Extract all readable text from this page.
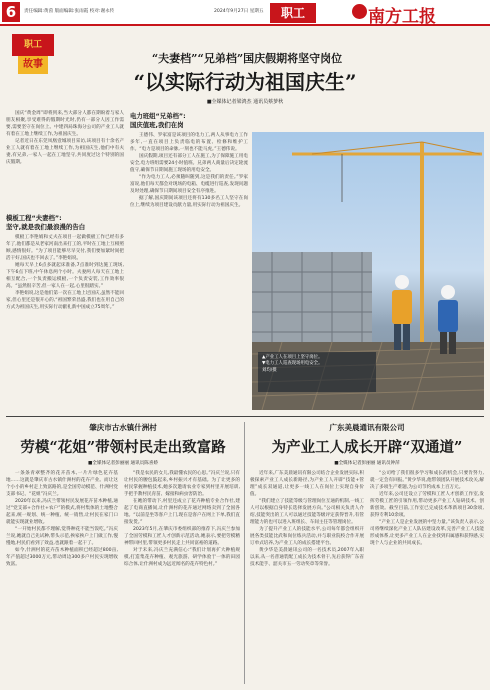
6	责任编辑:黄茵 版面编辑:张雨霞 校对:谢永传	2024年9月27日 星期五	职工	南方工报
职工
故事	“夫妻档”“兄弟档”国庆假期将坚守岗位
“以实际行动为祖国庆生”
■全媒体记者梁鸿杰 通讯员蔡萝秋

国庆“黄金周”即将到来,当大部分人都在期盼着与家人朋友相聚,享受难得的假期时光时,仍有一部分人因工作需要,需要坚守在岗位上。中建四局珠海分公司的产业工人就有着在工地上继续工作,为祖国庆生。

记者近日在东莞凤凰壹城项目采访,该项目有十余名产业工人就有着在工地上继续工作,为祖国庆生,他们中有夫妻,有兄弟,一家人一起在工地坚守,共同度过这个特别的国庆假期。

模板工程“夫妻档”:
坚守,就是我们最浪漫的告白

模板工李艳娟和丈夫在项目一起做模板工作已经有多年了,他们都是从老家河南出来打工的,平时在工地上互相照顾,感情很好。“为了项目能够尽早交付,我们要加紧时间把活干好,国庆也不回去了。”李艳娟说。

她每天早上6点多就起床准备,7点准时到达施工现场,下午6点下班,中午休息两个小时。夫妻两人每天在工地上相互配合,一个负责搬运模板,一个负责安装,工作效率很高。“虽然很辛苦,但一家人在一起,心里很踏实。”

李艳娟说,这是他们第一次在工地上过国庆,虽然不能回家,但心里还是很开心的,“祖国繁荣昌盛,我们也在用自己的方式为祖国庆生,用实际行动献礼新中国成立75周年。”

电力班组“兄弟档”:
国庆值班,我们在岗

王德伟、罗家富是该项目的电力工,两人从事电力工作多年,一直在项目上负责临电的布置、检修和维护工作。“电力是项目的命脉,一刻也不能马虎。”王德伟说。

国庆假期,项目还有部分工人在施工,为了保障施工用电安全,电力班组需要24小时值班。兄弟两人商量后决定轮流值守,确保节日期间施工现场的用电安全。

“作为电力工人,必须随叫随到,这是我们的责任。”罗家富说,他们每天都会对现场的电箱、电缆进行巡查,发现问题及时处理,确保节日期间项目安全有序推进。

据了解,国庆期间该项目还将有130多名工人坚守在岗位上,继续为项目建设贡献力量,用实际行动为祖国庆生。

▲产业工人在项目上坚守岗位。
▼电力工人巡查现场用电安全。
刘均/摄
肇庆市古水镇什洲村
劳模“花姐”带领村民走出致富路
■全媒体记者彭丽丽 通讯员陈喜娇

一条条青翠整齐的花卉苗木,一片片绿色花卉基地……这就是肇庆市古水镇什洲村的花卉产业。而让这个小小的乡村走上致富路的,是全国劳动模范、什洲村党支部书记、“花姐”冯庆兰。

2020年以来,冯庆兰带领村民发展花卉苗木种植,通过“党支部+合作社+农户”的模式,将村集体的土地整合起来,统一规划、统一种植、统一销售,让村民在家门口就能实现就业增收。

“一开始村民都不理解,觉得种花不能当饭吃。”冯庆兰说,她就自己先试种,带头示范,挨家挨户上门做工作,慢慢地,村民们看到了效益,也就跟着一起干了。

如今,什洲村的花卉苗木种植面积已经超过800亩,年产值超过3000万元,带动周边300多户村民实现增收致富。

“我是农民的女儿,我最懂农民的心思。”冯庆兰说,只有让村民的腰包鼓起来,乡村振兴才有基础。为了让更多的村民掌握种植技术,她多次邀请农业专家到村里开展培训,手把手教村民育苗、嫁接和病虫害防治。

在她的带动下,村里还成立了花卉种植专业合作社,建起了电商直播间,让什洲村的花卉通过网络卖到了全国各地。“以前是坐等客户上门,现在是客户在网上下单,我们直接发货。”

2023年5月,在肇庆市委组织部的推荐下,冯庆兰参加了全国劳模和工匠人才创新示范活动,她表示,要把劳模精神带回村里,带领更多村民走上共同富裕的道路。

对于未来,冯庆兰充满信心:“我们计划再扩大种植规模,打造集花卉种植、观光旅游、研学体验于一体的田园综合体,让什洲村成为远近闻名的花卉特色村。”

广东美晨通讯有限公司
为产业工人成长开辟“双通道”
■全媒体记者彭丽丽 通讯员钟萍

近年来,广东美晨通讯有限公司结合企业发展实际,积极探索产业工人成长新路径,为产业工人开辟“技能+管理”成长双通道,让更多一线工人在岗位上实现自身价值。

“我们建立了技能等级与管理岗位互通的机制,一线工人可以根据自身特长选择发展方向。”公司相关负责人介绍,技能突出的工人可以通过技能等级评定获得晋升,有管理能力的也可以进入班组长、车间主任等管理岗位。

为了提升产业工人的技能水平,公司每年都会组织开展各类技能比武和岗位练兵活动,并与职业院校合作开展订单式培养,为产业工人的成长搭建平台。

黄少华是美晨通讯公司的一名技术员,2007年入职以来,从一名普通装配工成长为技术骨干,先后获得广东省技术能手、韶关市五一劳动奖章等荣誉。

“公司给了我们很多学习和成长的机会,只要肯努力,就一定会有回报。”黄少华说,他带领团队开展技术攻关,解决了多项生产难题,为公司节约成本上百万元。

近年来,公司还设立了劳模和工匠人才创新工作室,发挥劳模工匠的引领作用,带动更多产业工人钻研技术、创新创效。截至目前,工作室已完成技术革新项目30余项,获得专利10余项。

“产业工人是企业发展的中坚力量。”该负责人表示,公司将继续深化产业工人队伍建设改革,完善产业工人技能形成体系,让更多产业工人在企业找到归属感和获得感,实现个人与企业的共同成长。
